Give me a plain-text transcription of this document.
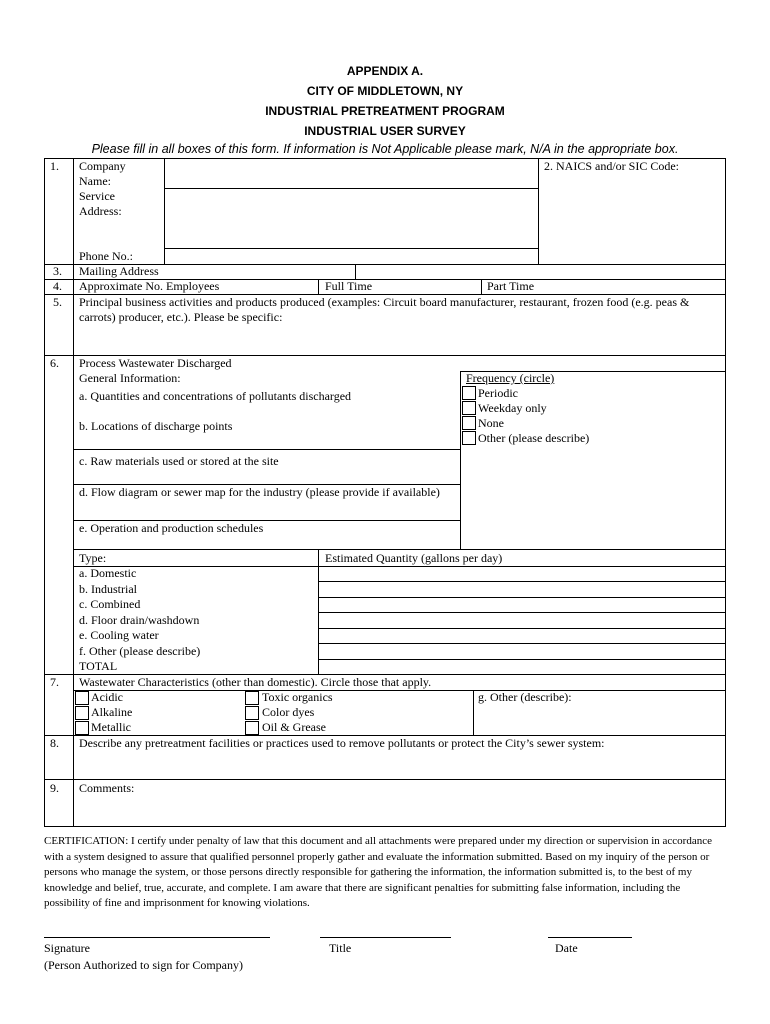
APPENDIX A.
CITY OF MIDDLETOWN, NY
INDUSTRIAL PRETREATMENT PROGRAM
INDUSTRIAL USER SURVEY
Please fill in all boxes of this form. If information is Not Applicable please mark, N/A in the appropriate box.
1. Company
Name:
Service
Address:
Phone No.:
2. NAICS and/or SIC Code:
3. Mailing Address
4. Approximate No. Employees	Full Time	Part Time
5. Principal business activities and products produced (examples: Circuit board manufacturer, restaurant, frozen food (e.g. peas & carrots) producer, etc.). Please be specific:
6. Process Wastewater Discharged
General Information:
a. Quantities and concentrations of pollutants discharged
b. Locations of discharge points
c. Raw materials used or stored at the site
d. Flow diagram or sewer map for the industry (please provide if available)
e. Operation and production schedules
Frequency (circle)
Periodic
Weekday only
None
Other (please describe)
Type:	Estimated Quantity (gallons per day)
a. Domestic
b. Industrial
c. Combined
d. Floor drain/washdown
e. Cooling water
f. Other (please describe)
TOTAL
7. Wastewater Characteristics (other than domestic). Circle those that apply.
Acidic
Alkaline
Metallic
Toxic organics
Color dyes
Oil & Grease
g. Other (describe):
8. Describe any pretreatment facilities or practices used to remove pollutants or protect the City’s sewer system:
9. Comments:
CERTIFICATION: I certify under penalty of law that this document and all attachments were prepared under my direction or supervision in accordance with a system designed to assure that qualified personnel properly gather and evaluate the information submitted. Based on my inquiry of the person or persons who manage the system, or those persons directly responsible for gathering the information, the information submitted is, to the best of my knowledge and belief, true, accurate, and complete. I am aware that there are significant penalties for submitting false information, including the possibility of fine and imprisonment for knowing violations.
Signature
(Person Authorized to sign for Company)
Title	Date
